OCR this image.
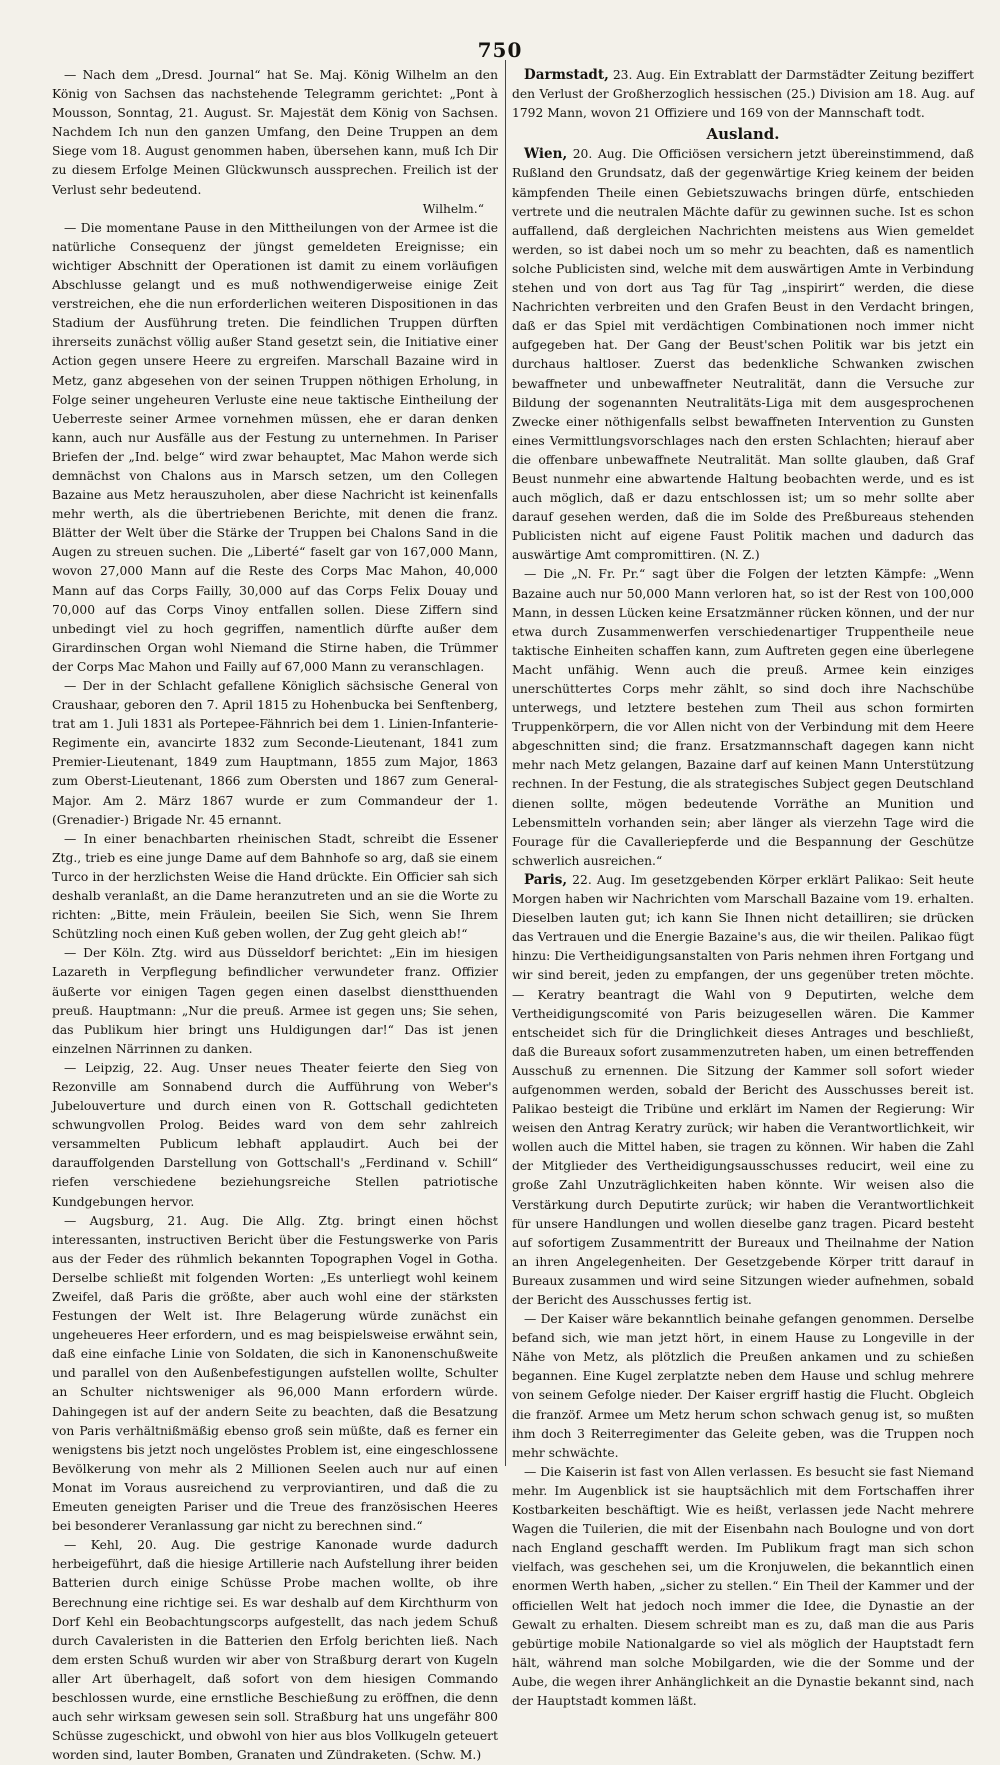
750

— Nach dem „Dresd. Journal“ hat Se. Maj. König Wilhelm an den König von Sachsen das nachstehende Telegramm gerichtet: „Pont à Mousson, Sonntag, 21. August. Sr. Majestät dem König von Sachsen. Nachdem Ich nun den ganzen Umfang, den Deine Truppen an dem Siege vom 18. August genommen haben, übersehen kann, muß Ich Dir zu diesem Erfolge Meinen Glückwunsch aussprechen. Freilich ist der Verlust sehr bedeutend.

Wilhelm.“

— Die momentane Pause in den Mittheilungen von der Armee ist die natürliche Consequenz der jüngst gemeldeten Ereignisse; ein wichtiger Abschnitt der Operationen ist damit zu einem vorläufigen Abschlusse gelangt und es muß nothwendigerweise einige Zeit verstreichen, ehe die nun erforderlichen weiteren Dispositionen in das Stadium der Ausführung treten. Die feindlichen Truppen dürften ihrerseits zunächst völlig außer Stand gesetzt sein, die Initiative einer Action gegen unsere Heere zu ergreifen. Marschall Bazaine wird in Metz, ganz abgesehen von der seinen Truppen nöthigen Erholung, in Folge seiner ungeheuren Verluste eine neue taktische Eintheilung der Ueberreste seiner Armee vornehmen müssen, ehe er daran denken kann, auch nur Ausfälle aus der Festung zu unternehmen. In Pariser Briefen der „Ind. belge“ wird zwar behauptet, Mac Mahon werde sich demnächst von Chalons aus in Marsch setzen, um den Collegen Bazaine aus Metz herauszuholen, aber diese Nachricht ist keinenfalls mehr werth, als die übertriebenen Berichte, mit denen die franz. Blätter der Welt über die Stärke der Truppen bei Chalons Sand in die Augen zu streuen suchen. Die „Liberté“ faselt gar von 167,000 Mann, wovon 27,000 Mann auf die Reste des Corps Mac Mahon, 40,000 Mann auf das Corps Failly, 30,000 auf das Corps Felix Douay und 70,000 auf das Corps Vinoy entfallen sollen. Diese Ziffern sind unbedingt viel zu hoch gegriffen, namentlich dürfte außer dem Girardinschen Organ wohl Niemand die Stirne haben, die Trümmer der Corps Mac Mahon und Failly auf 67,000 Mann zu veranschlagen.

— Der in der Schlacht gefallene Königlich sächsische General von Craushaar, geboren den 7. April 1815 zu Hohenbucka bei Senftenberg, trat am 1. Juli 1831 als Portepee-Fähnrich bei dem 1. Linien-Infanterie-Regimente ein, avancirte 1832 zum Seconde-Lieutenant, 1841 zum Premier-Lieutenant, 1849 zum Hauptmann, 1855 zum Major, 1863 zum Oberst-Lieutenant, 1866 zum Obersten und 1867 zum General-Major. Am 2. März 1867 wurde er zum Commandeur der 1. (Grenadier-) Brigade Nr. 45 ernannt.

— In einer benachbarten rheinischen Stadt, schreibt die Essener Ztg., trieb es eine junge Dame auf dem Bahnhofe so arg, daß sie einem Turco in der herzlichsten Weise die Hand drückte. Ein Officier sah sich deshalb veranlaßt, an die Dame heranzutreten und an sie die Worte zu richten: „Bitte, mein Fräulein, beeilen Sie Sich, wenn Sie Ihrem Schützling noch einen Kuß geben wollen, der Zug geht gleich ab!“

— Der Köln. Ztg. wird aus Düsseldorf berichtet: „Ein im hiesigen Lazareth in Verpflegung befindlicher verwundeter franz. Offizier äußerte vor einigen Tagen gegen einen daselbst dienstthuenden preuß. Hauptmann: „Nur die preuß. Armee ist gegen uns; Sie sehen, das Publikum hier bringt uns Huldigungen dar!“ Das ist jenen einzelnen Närrinnen zu danken.

— Leipzig, 22. Aug. Unser neues Theater feierte den Sieg von Rezonville am Sonnabend durch die Aufführung von Weber's Jubelouverture und durch einen von R. Gottschall gedichteten schwungvollen Prolog. Beides ward von dem sehr zahlreich versammelten Publicum lebhaft applaudirt. Auch bei der darauffolgenden Darstellung von Gottschall's „Ferdinand v. Schill“ riefen verschiedene beziehungsreiche Stellen patriotische Kundgebungen hervor.

— Augsburg, 21. Aug. Die Allg. Ztg. bringt einen höchst interessanten, instructiven Bericht über die Festungswerke von Paris aus der Feder des rühmlich bekannten Topographen Vogel in Gotha. Derselbe schließt mit folgenden Worten: „Es unterliegt wohl keinem Zweifel, daß Paris die größte, aber auch wohl eine der stärksten Festungen der Welt ist. Ihre Belagerung würde zunächst ein ungeheueres Heer erfordern, und es mag beispielsweise erwähnt sein, daß eine einfache Linie von Soldaten, die sich in Kanonenschußweite und parallel von den Außenbefestigungen aufstellen wollte, Schulter an Schulter nichtsweniger als 96,000 Mann erfordern würde. Dahingegen ist auf der andern Seite zu beachten, daß die Besatzung von Paris verhältnißmäßig ebenso groß sein müßte, daß es ferner ein wenigstens bis jetzt noch ungelöstes Problem ist, eine eingeschlossene Bevölkerung von mehr als 2 Millionen Seelen auch nur auf einen Monat im Voraus ausreichend zu verproviantiren, und daß die zu Emeuten geneigten Pariser und die Treue des französischen Heeres bei besonderer Veranlassung gar nicht zu berechnen sind.“

— Kehl, 20. Aug. Die gestrige Kanonade wurde dadurch herbeigeführt, daß die hiesige Artillerie nach Aufstellung ihrer beiden Batterien durch einige Schüsse Probe machen wollte, ob ihre Berechnung eine richtige sei. Es war deshalb auf dem Kirchthurm von Dorf Kehl ein Beobachtungscorps aufgestellt, das nach jedem Schuß durch Cavaleristen in die Batterien den Erfolg berichten ließ. Nach dem ersten Schuß wurden wir aber von Straßburg derart von Kugeln aller Art überhagelt, daß sofort von dem hiesigen Commando beschlossen wurde, eine ernstliche Beschießung zu eröffnen, die denn auch sehr wirksam gewesen sein soll. Straßburg hat uns ungefähr 800 Schüsse zugeschickt, und obwohl von hier aus blos Vollkugeln geteuert worden sind, lauter Bomben, Granaten und Zündraketen. (Schw. M.)

Darmstadt, 23. Aug. Ein Extrablatt der Darmstädter Zeitung beziffert den Verlust der Großherzoglich hessischen (25.) Division am 18. Aug. auf 1792 Mann, wovon 21 Offiziere und 169 von der Mannschaft todt.

Ausland.

Wien, 20. Aug. Die Officiösen versichern jetzt übereinstimmend, daß Rußland den Grundsatz, daß der gegenwärtige Krieg keinem der beiden kämpfenden Theile einen Gebietszuwachs bringen dürfe, entschieden vertrete und die neutralen Mächte dafür zu gewinnen suche. Ist es schon auffallend, daß dergleichen Nachrichten meistens aus Wien gemeldet werden, so ist dabei noch um so mehr zu beachten, daß es namentlich solche Publicisten sind, welche mit dem auswärtigen Amte in Verbindung stehen und von dort aus Tag für Tag „inspirirt“ werden, die diese Nachrichten verbreiten und den Grafen Beust in den Verdacht bringen, daß er das Spiel mit verdächtigen Combinationen noch immer nicht aufgegeben hat. Der Gang der Beust'schen Politik war bis jetzt ein durchaus haltloser. Zuerst das bedenkliche Schwanken zwischen bewaffneter und unbewaffneter Neutralität, dann die Versuche zur Bildung der sogenannten Neutralitäts-Liga mit dem ausgesprochenen Zwecke einer nöthigenfalls selbst bewaffneten Intervention zu Gunsten eines Vermittlungsvorschlages nach den ersten Schlachten; hierauf aber die offenbare unbewaffnete Neutralität. Man sollte glauben, daß Graf Beust nunmehr eine abwartende Haltung beobachten werde, und es ist auch möglich, daß er dazu entschlossen ist; um so mehr sollte aber darauf gesehen werden, daß die im Solde des Preßbureaus stehenden Publicisten nicht auf eigene Faust Politik machen und dadurch das auswärtige Amt compromittiren. (N. Z.)

— Die „N. Fr. Pr.“ sagt über die Folgen der letzten Kämpfe: „Wenn Bazaine auch nur 50,000 Mann verloren hat, so ist der Rest von 100,000 Mann, in dessen Lücken keine Ersatzmänner rücken können, und der nur etwa durch Zusammenwerfen verschiedenartiger Truppentheile neue taktische Einheiten schaffen kann, zum Auftreten gegen eine überlegene Macht unfähig. Wenn auch die preuß. Armee kein einziges unerschüttertes Corps mehr zählt, so sind doch ihre Nachschübe unterwegs, und letztere bestehen zum Theil aus schon formirten Truppenkörpern, die vor Allen nicht von der Verbindung mit dem Heere abgeschnitten sind; die franz. Ersatzmannschaft dagegen kann nicht mehr nach Metz gelangen, Bazaine darf auf keinen Mann Unterstützung rechnen. In der Festung, die als strategisches Subject gegen Deutschland dienen sollte, mögen bedeutende Vorräthe an Munition und Lebensmitteln vorhanden sein; aber länger als vierzehn Tage wird die Fourage für die Cavalleriepferde und die Bespannung der Geschütze schwerlich ausreichen.“

Paris, 22. Aug. Im gesetzgebenden Körper erklärt Palikao: Seit heute Morgen haben wir Nachrichten vom Marschall Bazaine vom 19. erhalten. Dieselben lauten gut; ich kann Sie Ihnen nicht detailliren; sie drücken das Vertrauen und die Energie Bazaine's aus, die wir theilen. Palikao fügt hinzu: Die Vertheidigungsanstalten von Paris nehmen ihren Fortgang und wir sind bereit, jeden zu empfangen, der uns gegenüber treten möchte. — Keratry beantragt die Wahl von 9 Deputirten, welche dem Vertheidigungscomité von Paris beizugesellen wären. Die Kammer entscheidet sich für die Dringlichkeit dieses Antrages und beschließt, daß die Bureaux sofort zusammenzutreten haben, um einen betreffenden Ausschuß zu ernennen. Die Sitzung der Kammer soll sofort wieder aufgenommen werden, sobald der Bericht des Ausschusses bereit ist. Palikao besteigt die Tribüne und erklärt im Namen der Regierung: Wir weisen den Antrag Keratry zurück; wir haben die Verantwortlichkeit, wir wollen auch die Mittel haben, sie tragen zu können. Wir haben die Zahl der Mitglieder des Vertheidigungsausschusses reducirt, weil eine zu große Zahl Unzuträglichkeiten haben könnte. Wir weisen also die Verstärkung durch Deputirte zurück; wir haben die Verantwortlichkeit für unsere Handlungen und wollen dieselbe ganz tragen. Picard besteht auf sofortigem Zusammentritt der Bureaux und Theilnahme der Nation an ihren Angelegenheiten. Der Gesetzgebende Körper tritt darauf in Bureaux zusammen und wird seine Sitzungen wieder aufnehmen, sobald der Bericht des Ausschusses fertig ist.

— Der Kaiser wäre bekanntlich beinahe gefangen genommen. Derselbe befand sich, wie man jetzt hört, in einem Hause zu Longeville in der Nähe von Metz, als plötzlich die Preußen ankamen und zu schießen begannen. Eine Kugel zerplatzte neben dem Hause und schlug mehrere von seinem Gefolge nieder. Der Kaiser ergriff hastig die Flucht. Obgleich die franzöf. Armee um Metz herum schon schwach genug ist, so mußten ihm doch 3 Reiterregimenter das Geleite geben, was die Truppen noch mehr schwächte.

— Die Kaiserin ist fast von Allen verlassen. Es besucht sie fast Niemand mehr. Im Augenblick ist sie hauptsächlich mit dem Fortschaffen ihrer Kostbarkeiten beschäftigt. Wie es heißt, verlassen jede Nacht mehrere Wagen die Tuilerien, die mit der Eisenbahn nach Boulogne und von dort nach England geschafft werden. Im Publikum fragt man sich schon vielfach, was geschehen sei, um die Kronjuwelen, die bekanntlich einen enormen Werth haben, „sicher zu stellen.“ Ein Theil der Kammer und der officiellen Welt hat jedoch noch immer die Idee, die Dynastie an der Gewalt zu erhalten. Diesem schreibt man es zu, daß man die aus Paris gebürtige mobile Nationalgarde so viel als möglich der Hauptstadt fern hält, während man solche Mobilgarden, wie die der Somme und der Aube, die wegen ihrer Anhänglichkeit an die Dynastie bekannt sind, nach der Hauptstadt kommen läßt.
